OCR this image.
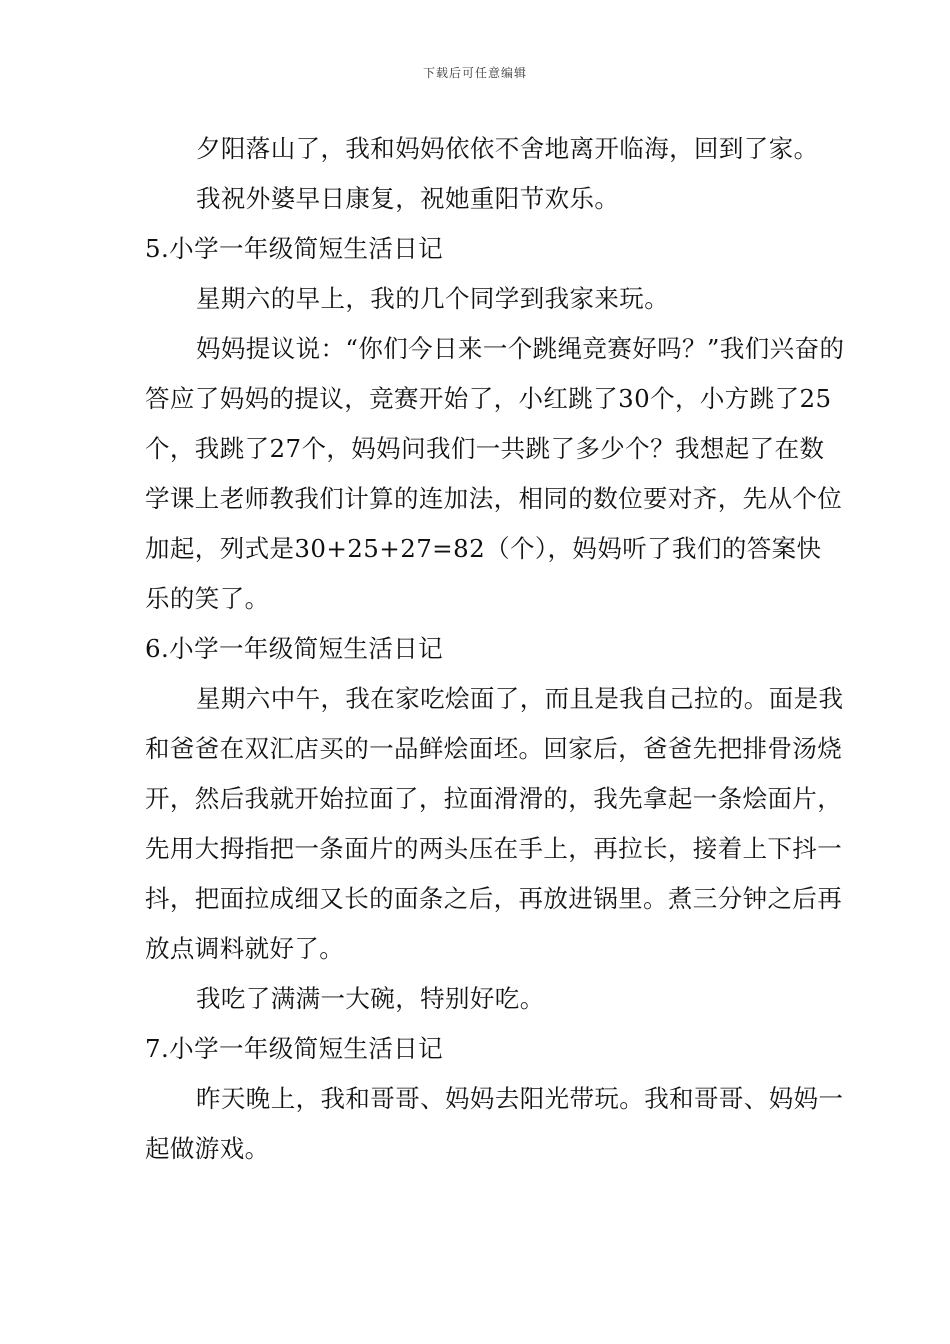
下载后可任意编辑

夕阳落山了，我和妈妈依依不舍地离开临海，回到了家。

我祝外婆早日康复，祝她重阳节欢乐。

5.小学一年级简短生活日记

星期六的早上，我的几个同学到我家来玩。

妈妈提议说：“你们今日来一个跳绳竞赛好吗？”我们兴奋的答应了妈妈的提议，竞赛开始了，小红跳了30个，小方跳了25个，我跳了27个，妈妈问我们一共跳了多少个？我想起了在数学课上老师教我们计算的连加法，相同的数位要对齐，先从个位加起，列式是30+25+27=82（个），妈妈听了我们的答案快乐的笑了。

6.小学一年级简短生活日记

星期六中午，我在家吃烩面了，而且是我自己拉的。面是我和爸爸在双汇店买的一品鲜烩面坯。回家后，爸爸先把排骨汤烧开，然后我就开始拉面了，拉面滑滑的，我先拿起一条烩面片，先用大拇指把一条面片的两头压在手上，再拉长，接着上下抖一抖，把面拉成细又长的面条之后，再放进锅里。煮三分钟之后再放点调料就好了。

我吃了满满一大碗，特别好吃。

7.小学一年级简短生活日记

昨天晚上，我和哥哥、妈妈去阳光带玩。我和哥哥、妈妈一起做游戏。
